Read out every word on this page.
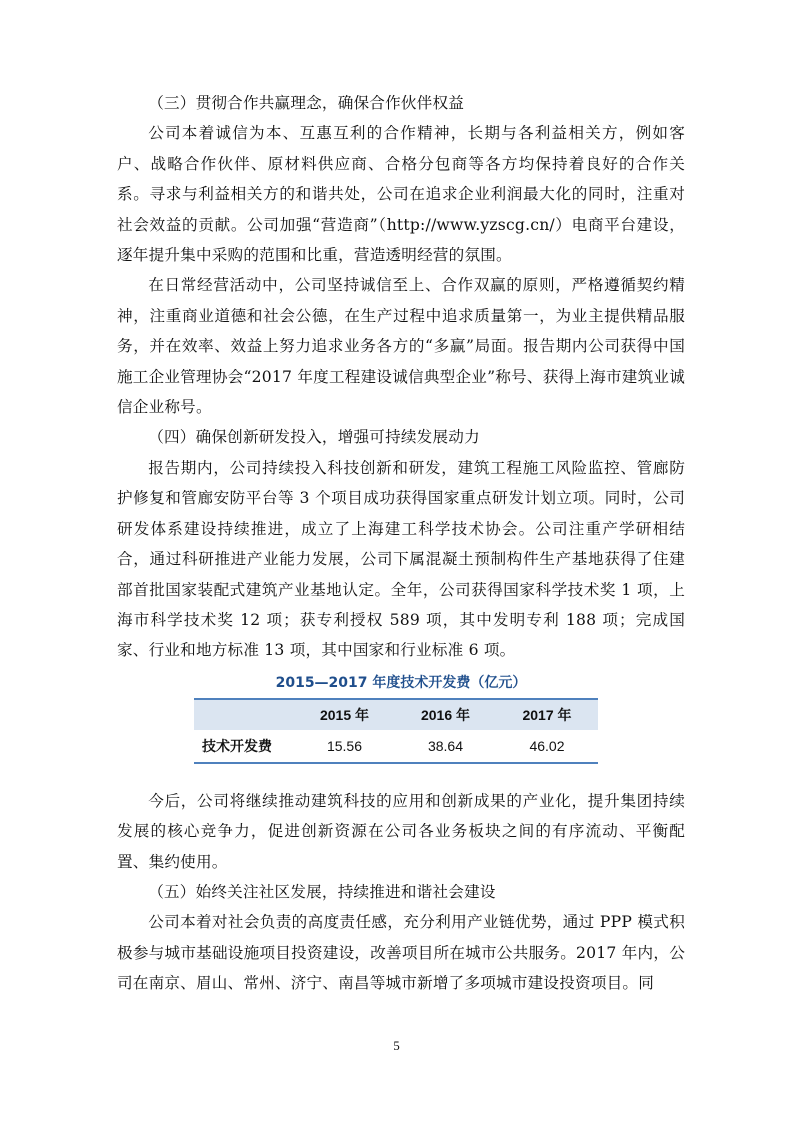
（三）贯彻合作共赢理念，确保合作伙伴权益

公司本着诚信为本、互惠互利的合作精神，长期与各利益相关方，例如客户、战略合作伙伴、原材料供应商、合格分包商等各方均保持着良好的合作关系。寻求与利益相关方的和谐共处，公司在追求企业利润最大化的同时，注重对社会效益的贡献。公司加强“营造商”（http://www.yzscg.cn/）电商平台建设，逐年提升集中采购的范围和比重，营造透明经营的氛围。

在日常经营活动中，公司坚持诚信至上、合作双赢的原则，严格遵循契约精神，注重商业道德和社会公德，在生产过程中追求质量第一，为业主提供精品服务，并在效率、效益上努力追求业务各方的“多赢”局面。报告期内公司获得中国施工企业管理协会“2017 年度工程建设诚信典型企业”称号、获得上海市建筑业诚信企业称号。

（四）确保创新研发投入，增强可持续发展动力

报告期内，公司持续投入科技创新和研发，建筑工程施工风险监控、管廊防护修复和管廊安防平台等 3 个项目成功获得国家重点研发计划立项。同时，公司研发体系建设持续推进，成立了上海建工科学技术协会。公司注重产学研相结合，通过科研推进产业能力发展，公司下属混凝土预制构件生产基地获得了住建部首批国家装配式建筑产业基地认定。全年，公司获得国家科学技术奖 1 项，上海市科学技术奖 12 项；获专利授权 589 项，其中发明专利 188 项；完成国家、行业和地方标准 13 项，其中国家和行业标准 6 项。

2015—2017 年度技术开发费（亿元）
	2015 年	2016 年	2017 年
技术开发费	15.56	38.64	46.02

今后，公司将继续推动建筑科技的应用和创新成果的产业化，提升集团持续发展的核心竞争力，促进创新资源在公司各业务板块之间的有序流动、平衡配置、集约使用。

（五）始终关注社区发展，持续推进和谐社会建设

公司本着对社会负责的高度责任感，充分利用产业链优势，通过 PPP 模式积极参与城市基础设施项目投资建设，改善项目所在城市公共服务。2017 年内，公司在南京、眉山、常州、济宁、南昌等城市新增了多项城市建设投资项目。同

5
